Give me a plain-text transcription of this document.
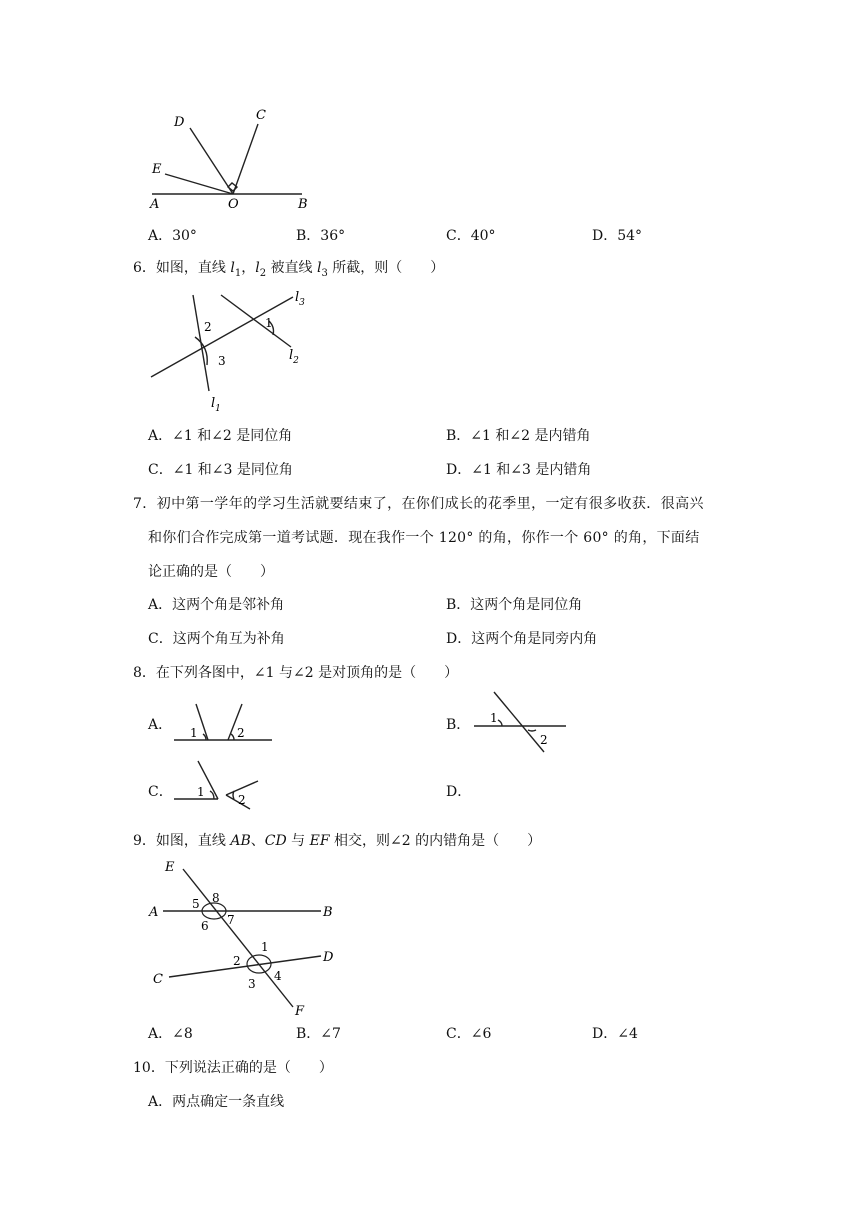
D	C
E
A	O	B
A．30°	B．36°	C．40°	D．54°
6．如图，直线 $l_1$，$l_2$ 被直线 $l_3$ 所截，则（　　）
2	1
3
$l_3$
$l_2$
$l_1$
A．∠1 和∠2 是同位角	B．∠1 和∠2 是内错角
C．∠1 和∠3 是同位角	D．∠1 和∠3 是内错角
7．初中第一学年的学习生活就要结束了，在你们成长的花季里，一定有很多收获．很高兴
和你们合作完成第一道考试题．现在我作一个 120° 的角，你作一个 60° 的角，下面结
论正确的是（　　）
A．这两个角是邻补角	B．这两个角是同位角
C．这两个角互为补角	D．这两个角是同旁内角
8．在下列各图中，∠1 与∠2 是对顶角的是（　　）
A． 1	2	B． 1
2
C． 1
2	D．
9．如图，直线 AB、CD 与 EF 相交，则∠2 的内错角是（　　）
E
A	B
5 8
6 7
C
D
2
1
3
4
F
A．∠8	B．∠7	C．∠6	D．∠4
10．下列说法正确的是（　　）
A．两点确定一条直线
